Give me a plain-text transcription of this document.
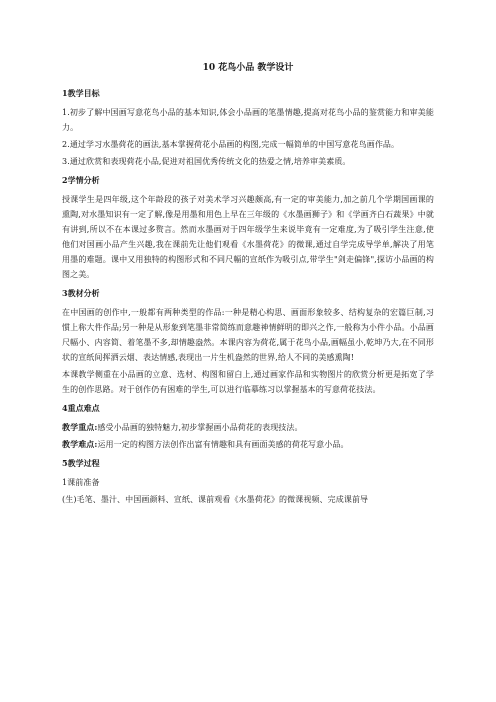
10 花鸟小品 教学设计
1教学目标
1.初步了解中国画写意花鸟小品的基本知识,体会小品画的笔墨情趣,提高对花鸟小品的鉴赏能力和审美能力。
2.通过学习水墨荷花的画法,基本掌握荷花小品画的构图,完成一幅简单的中国写意花鸟画作品。
3.通过欣赏和表现荷花小品,促进对祖国优秀传统文化的热爱之情,培养审美素质。
2学情分析
授课学生是四年级,这个年龄段的孩子对美术学习兴趣颇高,有一定的审美能力,加之前几个学期国画课的熏陶,对水墨知识有一定了解,像是用墨和用色上早在三年级的《水墨画狮子》和《学画齐白石蔬果》中就有讲到,所以不在本课过多赘言。然而水墨画对于四年级学生来说毕竟有一定难度,为了吸引学生注意,使他们对国画小品产生兴趣,我在课前先让他们观看《水墨荷花》的微课,通过自学完成导学单,解决了用笔用墨的难题。课中又用独特的构图形式和不同尺幅的宣纸作为吸引点,带学生"剑走偏锋",探访小品画的构图之美。
3教材分析
在中国画的创作中,一般都有两种类型的作品:一种是精心构思、画面形象较多、结构复杂的宏篇巨制,习惯上称大件作品;另一种是从形象到笔墨非常简练而意趣神情鲜明的即兴之作,一般称为小件小品。小品画尺幅小、内容简、着笔墨不多,却情趣盎然。本课内容为荷花,属于花鸟小品,画幅虽小,乾坤乃大,在不同形状的宣纸间挥洒云烟、表达情感,表现出一片生机盎然的世界,给人不同的美感熏陶!
本课教学侧重在小品画的立意、选材、构图和留白上,通过画家作品和实物图片的欣赏分析更是拓宽了学生的创作思路。对于创作仍有困难的学生,可以进行临摹练习以掌握基本的写意荷花技法。
4重点难点
教学重点:感受小品画的独特魅力,初步掌握画小品荷花的表现技法。
教学难点:运用一定的构图方法创作出富有情趣和具有画面美感的荷花写意小品。
5教学过程
1课前准备
(生)毛笔、墨汁、中国画颜料、宣纸、课前观看《水墨荷花》的微课视频、完成课前导
